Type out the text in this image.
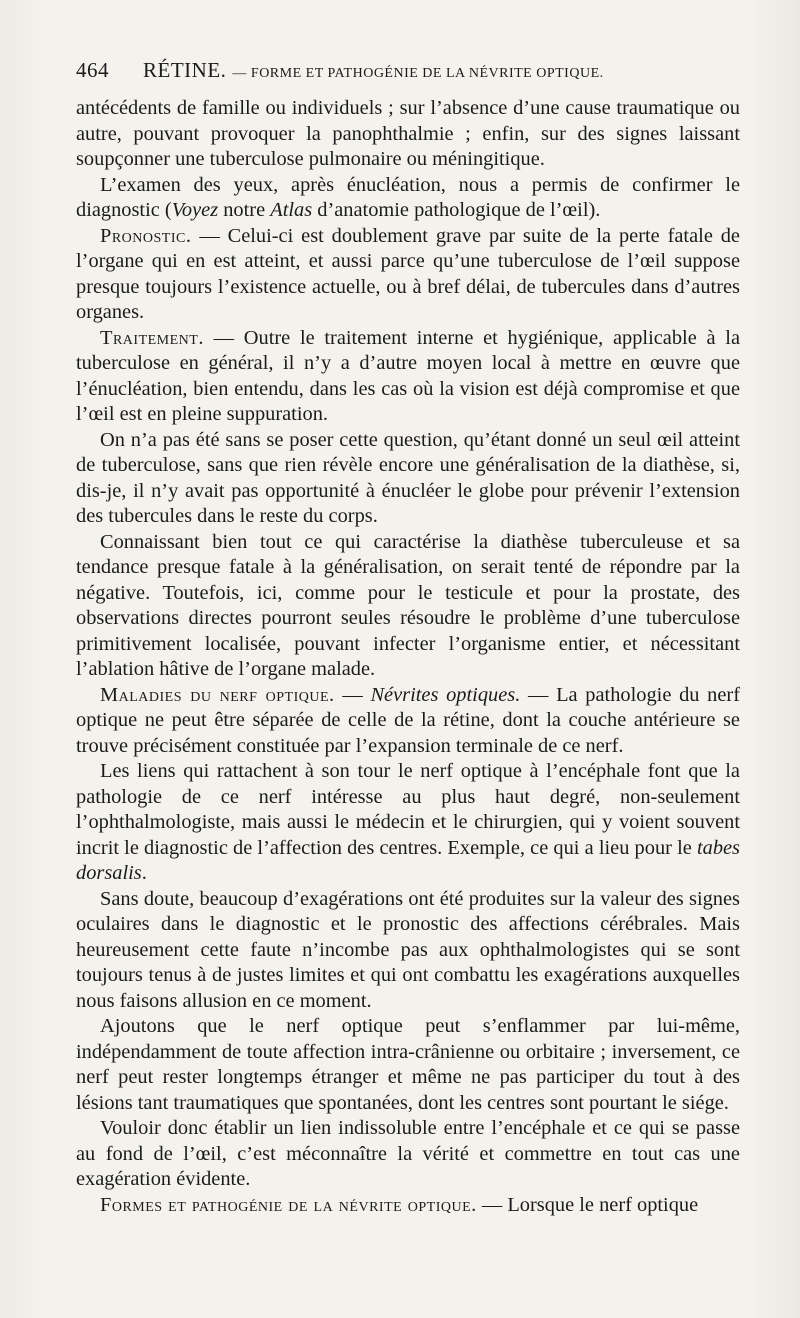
464 RÉTINE. — FORME ET PATHOGÉNIE DE LA NÉVRITE OPTIQUE.

antécédents de famille ou individuels ; sur l’absence d’une cause traumatique ou autre, pouvant provoquer la panophthalmie ; enfin, sur des signes laissant soupçonner une tuberculose pulmonaire ou méningitique.

L’examen des yeux, après énucléation, nous a permis de confirmer le diagnostic (Voyez notre Atlas d’anatomie pathologique de l’œil).

Pronostic. — Celui-ci est doublement grave par suite de la perte fatale de l’organe qui en est atteint, et aussi parce qu’une tuberculose de l’œil suppose presque toujours l’existence actuelle, ou à bref délai, de tubercules dans d’autres organes.

Traitement. — Outre le traitement interne et hygiénique, applicable à la tuberculose en général, il n’y a d’autre moyen local à mettre en œuvre que l’énucléation, bien entendu, dans les cas où la vision est déjà compromise et que l’œil est en pleine suppuration.

On n’a pas été sans se poser cette question, qu’étant donné un seul œil atteint de tuberculose, sans que rien révèle encore une généralisation de la diathèse, si, dis-je, il n’y avait pas opportunité à énucléer le globe pour prévenir l’extension des tubercules dans le reste du corps.

Connaissant bien tout ce qui caractérise la diathèse tuberculeuse et sa tendance presque fatale à la généralisation, on serait tenté de répondre par la négative. Toutefois, ici, comme pour le testicule et pour la prostate, des observations directes pourront seules résoudre le problème d’une tuberculose primitivement localisée, pouvant infecter l’organisme entier, et nécessitant l’ablation hâtive de l’organe malade.

Maladies du nerf optique. — Névrites optiques. — La pathologie du nerf optique ne peut être séparée de celle de la rétine, dont la couche antérieure se trouve précisément constituée par l’expansion terminale de ce nerf.

Les liens qui rattachent à son tour le nerf optique à l’encéphale font que la pathologie de ce nerf intéresse au plus haut degré, non-seulement l’ophthalmologiste, mais aussi le médecin et le chirurgien, qui y voient souvent incrit le diagnostic de l’affection des centres. Exemple, ce qui a lieu pour le tabes dorsalis.

Sans doute, beaucoup d’exagérations ont été produites sur la valeur des signes oculaires dans le diagnostic et le pronostic des affections cérébrales. Mais heureusement cette faute n’incombe pas aux ophthalmologistes qui se sont toujours tenus à de justes limites et qui ont combattu les exagérations auxquelles nous faisons allusion en ce moment.

Ajoutons que le nerf optique peut s’enflammer par lui-même, indépendamment de toute affection intra-crânienne ou orbitaire ; inversement, ce nerf peut rester longtemps étranger et même ne pas participer du tout à des lésions tant traumatiques que spontanées, dont les centres sont pourtant le siége.

Vouloir donc établir un lien indissoluble entre l’encéphale et ce qui se passe au fond de l’œil, c’est méconnaître la vérité et commettre en tout cas une exagération évidente.

Formes et pathogénie de la névrite optique. — Lorsque le nerf optique
